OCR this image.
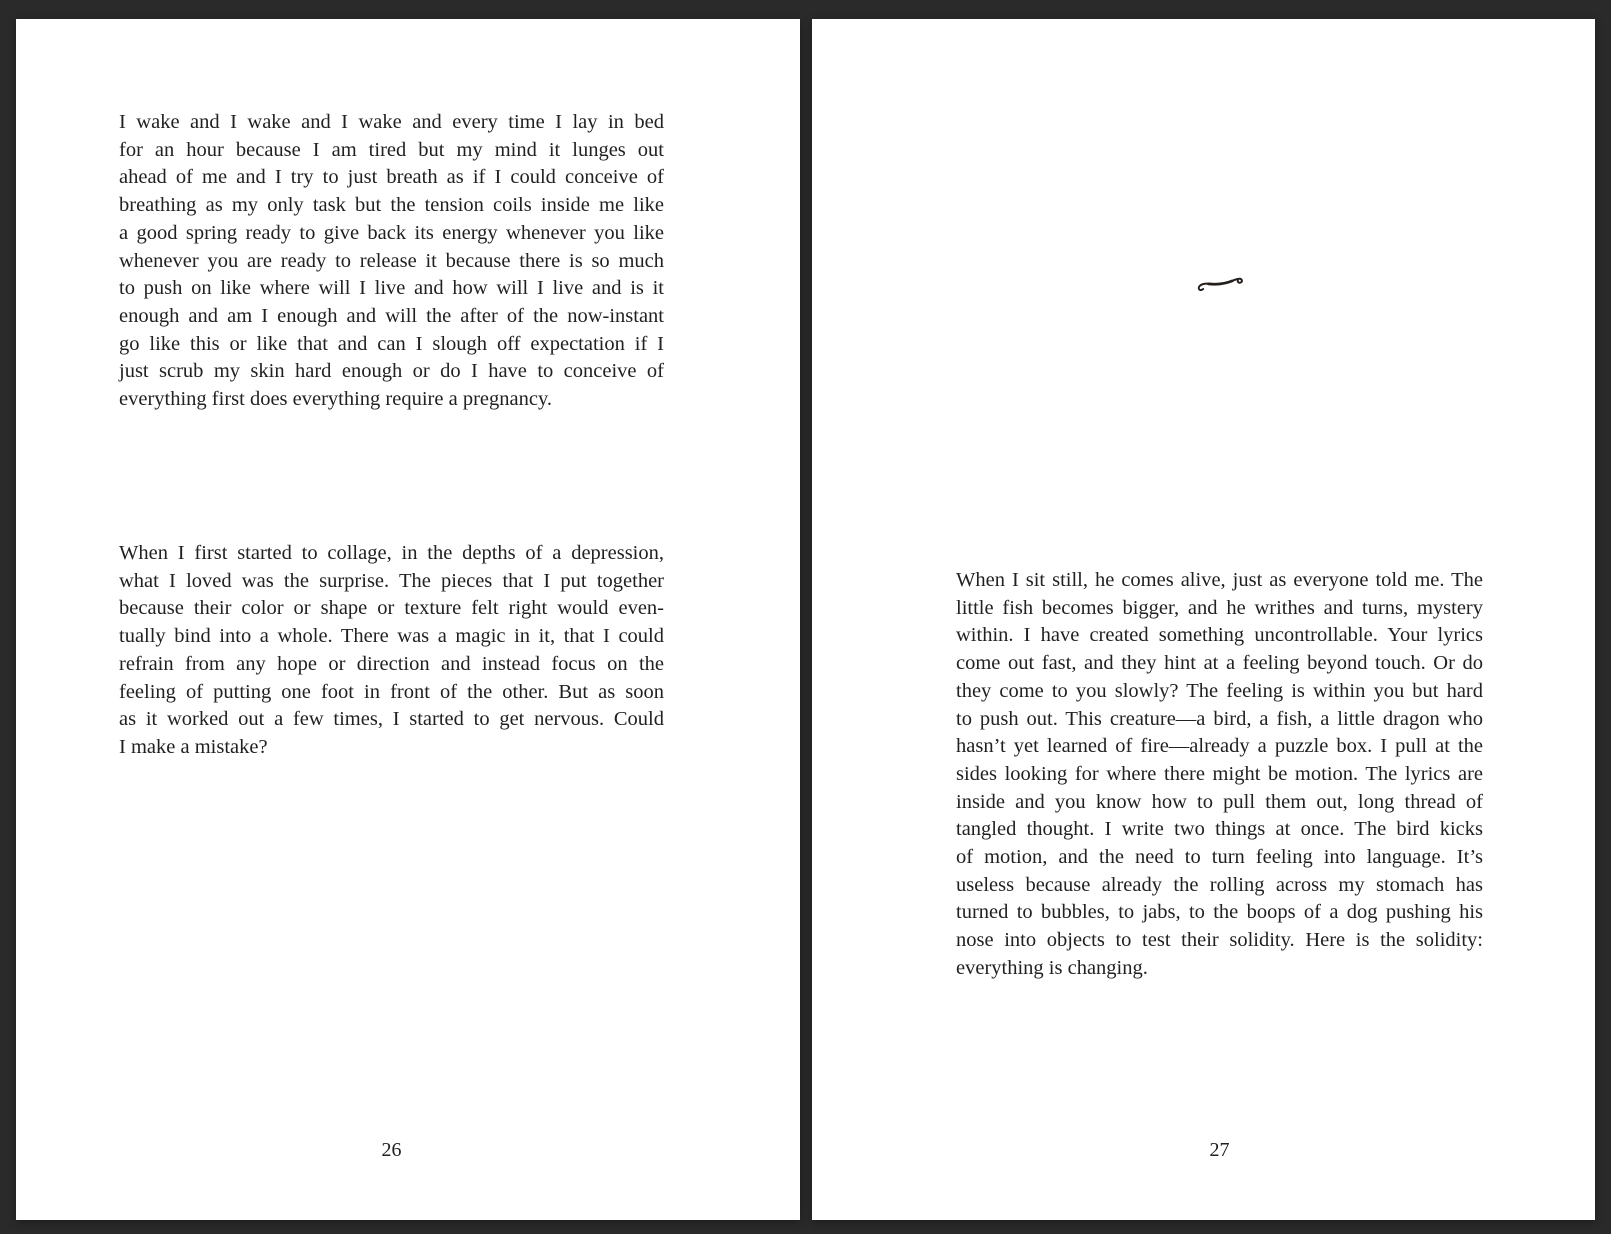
I wake and I wake and I wake and every time I lay in bed
for an hour because I am tired but my mind it lunges out
ahead of me and I try to just breath as if I could conceive of
breathing as my only task but the tension coils inside me like
a good spring ready to give back its energy whenever you like
whenever you are ready to release it because there is so much
to push on like where will I live and how will I live and is it
enough and am I enough and will the after of the now-instant
go like this or like that and can I slough off expectation if I
just scrub my skin hard enough or do I have to conceive of
everything first does everything require a pregnancy.
When I first started to collage, in the depths of a depression,
what I loved was the surprise. The pieces that I put together
because their color or shape or texture felt right would even-
tually bind into a whole. There was a magic in it, that I could
refrain from any hope or direction and instead focus on the
feeling of putting one foot in front of the other. But as soon
as it worked out a few times, I started to get nervous. Could
I make a mistake?
26
When I sit still, he comes alive, just as everyone told me. The
little fish becomes bigger, and he writhes and turns, mystery
within. I have created something uncontrollable. Your lyrics
come out fast, and they hint at a feeling beyond touch. Or do
they come to you slowly? The feeling is within you but hard
to push out. This creature—a bird, a fish, a little dragon who
hasn’t yet learned of fire—already a puzzle box. I pull at the
sides looking for where there might be motion. The lyrics are
inside and you know how to pull them out, long thread of
tangled thought. I write two things at once. The bird kicks
of motion, and the need to turn feeling into language. It’s
useless because already the rolling across my stomach has
turned to bubbles, to jabs, to the boops of a dog pushing his
nose into objects to test their solidity. Here is the solidity:
everything is changing.
27
